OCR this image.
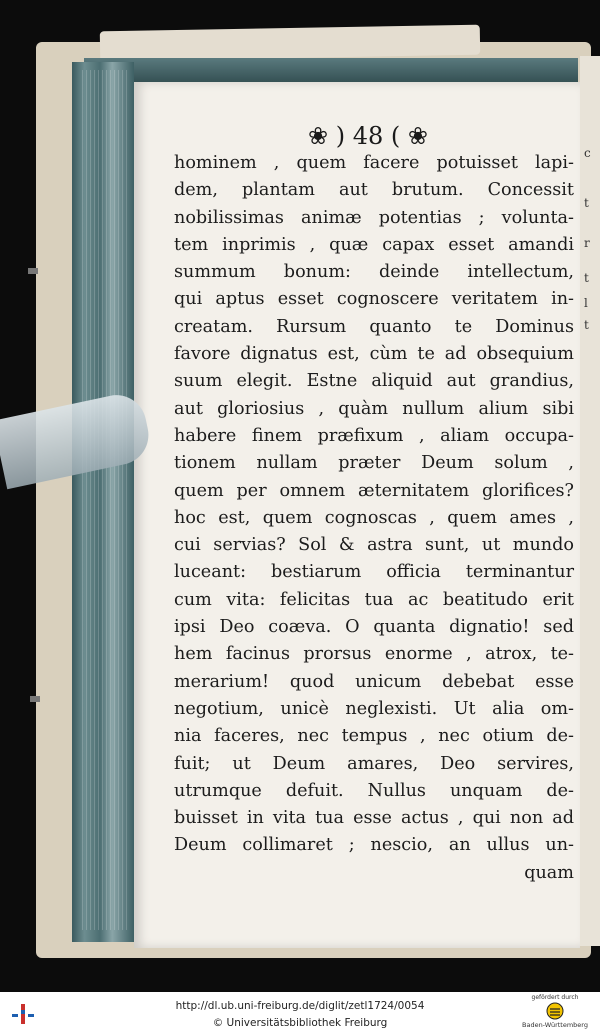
c
t
r
t
l
t
❀ ) 48 ( ❀
hominem , quem facere potuisset lapi-
dem, plantam aut brutum. Concessit
nobilissimas animæ potentias ; volunta-
tem inprimis , quæ capax esset amandi
summum bonum: deinde intellectum,
qui aptus esset cognoscere veritatem in-
creatam. Rursum quanto te Dominus
favore dignatus est, cùm te ad obsequium
suum elegit. Estne aliquid aut grandius,
aut gloriosius , quàm nullum alium sibi
habere finem præfixum , aliam occupa-
tionem nullam præter Deum solum ,
quem per omnem æternitatem glorifices?
hoc est, quem cognoscas , quem ames ,
cui servias? Sol & astra sunt, ut mundo
luceant: bestiarum officia terminantur
cum vita: felicitas tua ac beatitudo erit
ipsi Deo coæva. O quanta dignatio! sed
hem facinus prorsus enorme , atrox, te-
merarium! quod unicum debebat esse
negotium, unicè neglexisti. Ut alia om-
nia faceres, nec tempus , nec otium de-
fuit; ut Deum amares, Deo servires,
utrumque defuit. Nullus unquam de-
buisset in vita tua esse actus , qui non ad
Deum collimaret ; nescio, an ullus un-
quam
http://dl.ub.uni-freiburg.de/diglit/zetl1724/0054
© Universitätsbibliothek Freiburg
gefördert durch
Baden-Württemberg
